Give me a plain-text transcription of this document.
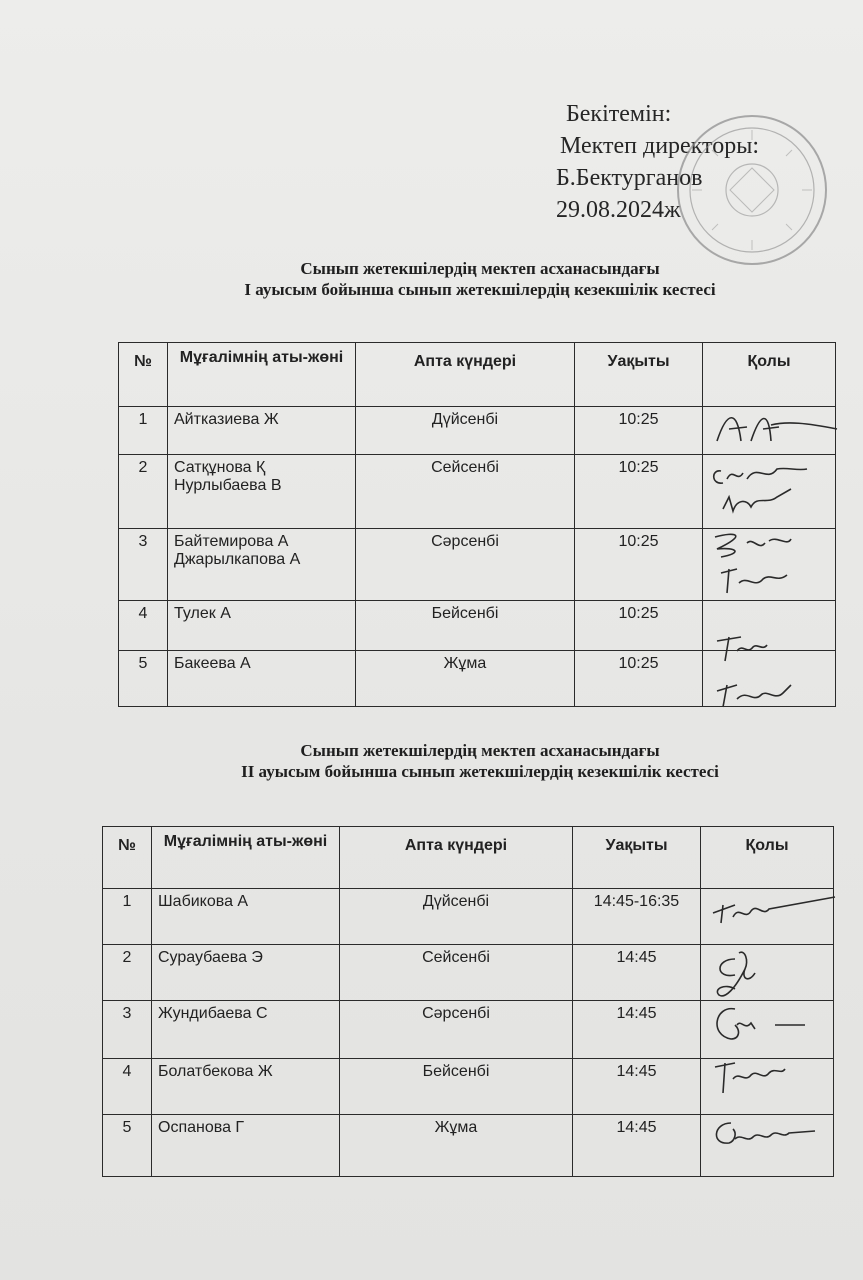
Бекітемін:
Мектеп директоры:
Б.Бектурганов
29.08.2024ж
Сынып жетекшілердің мектеп асханасындағы
І ауысым бойынша сынып жетекшілердің кезекшілік кестесі
№	Мұғалімнің аты-жөні	Апта күндері	Уақыты	Қолы
1	Айтказиева Ж	Дүйсенбі	10:25	

2	Сатқұнова Қ
Нурлыбаева В	Сейсенбі	10:25	

3	Байтемирова А
Джарылкапова А	Сәрсенбі	10:25	

4	Тулек А	Бейсенбі	10:25	
5	Бакеева А	Жұма	10:25	
Сынып жетекшілердің мектеп асханасындағы
ІІ ауысым бойынша сынып жетекшілердің кезекшілік кестесі
№	Мұғалімнің аты-жөні	Апта күндері	Уақыты	Қолы
1	Шабикова А	Дүйсенбі	14:45-16:35	

2	Сураубаева Э	Сейсенбі	14:45	

3	Жундибаева С	Сәрсенбі	14:45	

4	Болатбекова Ж	Бейсенбі	14:45	

5	Оспанова Г	Жұма	14:45	
